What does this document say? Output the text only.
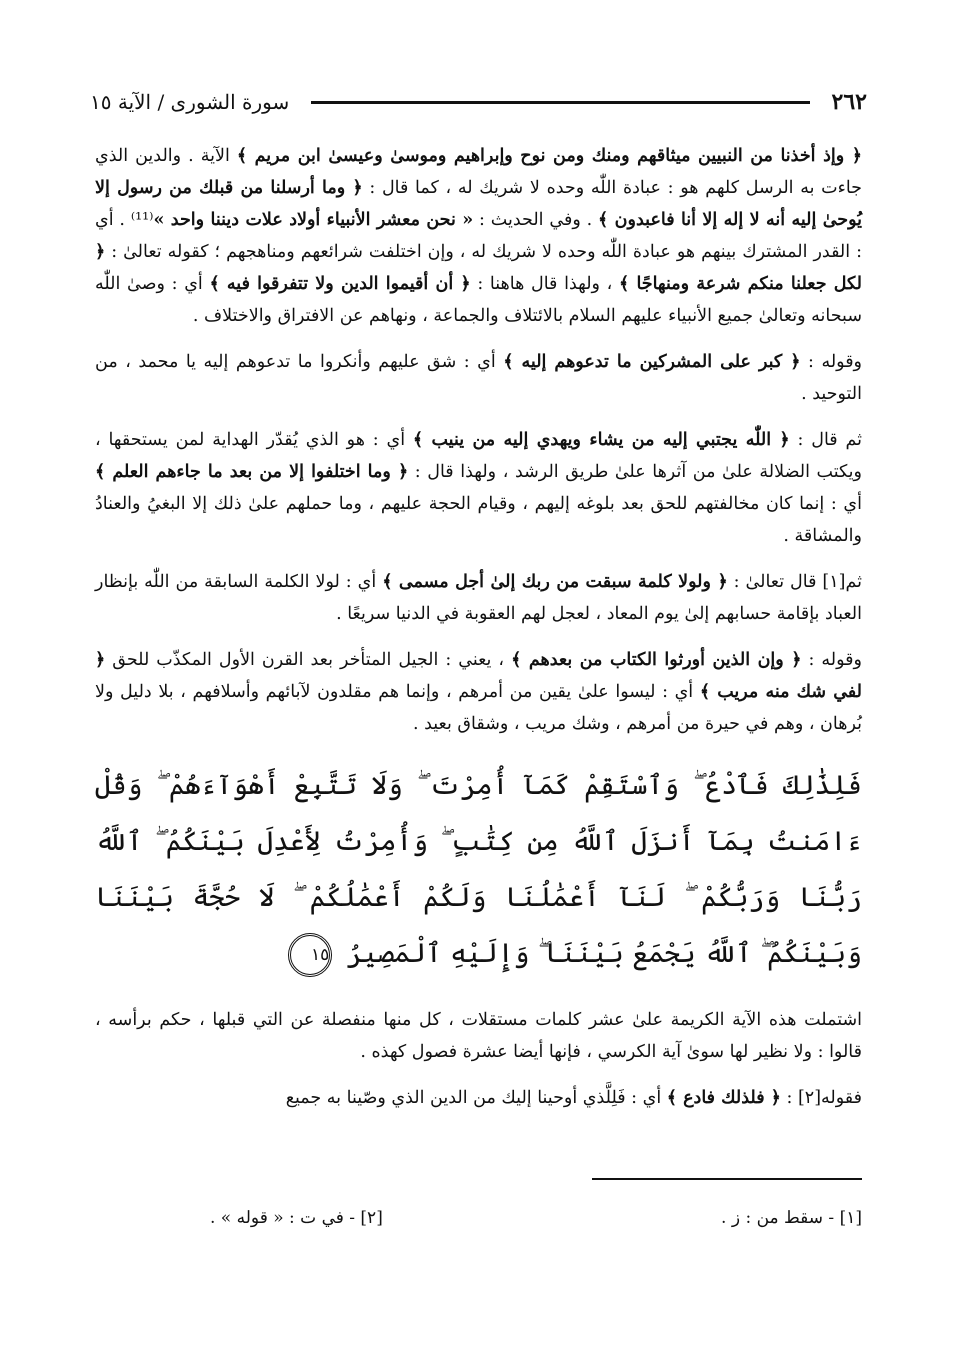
٢٦٢
سورة الشورى / الآية ١٥

﴿ وإذ أخذنا من النبيين ميثاقهم ومنك ومن نوح وإبراهيم وموسىٰ وعيسىٰ ابن مريم ﴾ الآية . والدين الذي جاءت به الرسل كلهم هو : عبادة اللّٰه وحده لا شريك له ، كما قال : ﴿ وما أرسلنا من قبلك من رسول إلا يُوحىٰ إليه أنه لا إله إلا أنا فاعبدون ﴾ . وفي الحديث : « نحن معشر الأنبياء أولاد علات ديننا واحد »⁽¹¹⁾ . أي : القدر المشترك بينهم هو عبادة اللّٰه وحده لا شريك له ، وإن اختلفت شرائعهم ومناهجهم ؛ كقوله تعالىٰ : ﴿ لكل جعلنا منكم شرعة ومنهاجًا ﴾ ، ولهذا قال هاهنا : ﴿ أن أقيموا الدين ولا تتفرقوا فيه ﴾ أي : وصىٰ اللّٰه سبحانه وتعالىٰ جميع الأنبياء عليهم السلام بالائتلاف والجماعة ، ونهاهم عن الافتراق والاختلاف .

وقوله : ﴿ كبر على المشركين ما تدعوهم إليه ﴾ أي : شق عليهم وأنكروا ما تدعوهم إليه يا محمد ، من التوحيد .

ثم قال : ﴿ اللّٰه يجتبي إليه من يشاء ويهدي إليه من ينيب ﴾ أي : هو الذي يُقدّر الهداية لمن يستحقها ، ويكتب الضلالة علىٰ من آثرها علىٰ طريق الرشد ، ولهذا قال : ﴿ وما اختلفوا إلا من بعد ما جاءهم العلم ﴾ أي : إنما كان مخالفتهم للحق بعد بلوغه إليهم ، وقيام الحجة عليهم ، وما حملهم علىٰ ذلك إلا البغيُ والعنادُ والمشاقة .

ثم[١] قال تعالىٰ : ﴿ ولولا كلمة سبقت من ربك إلىٰ أجل مسمى ﴾ أي : لولا الكلمة السابقة من اللّٰه بإنظار العباد بإقامة حسابهم إلىٰ يوم المعاد ، لعجل لهم العقوبة في الدنيا سريعًا .

وقوله : ﴿ وإن الذين أورثوا الكتاب من بعدهم ﴾ ، يعني : الجيل المتأخر بعد القرن الأول المكذّب للحق ﴿ لفي شك منه مريب ﴾ أي : ليسوا علىٰ يقين من أمرهم ، وإنما هم مقلدون لآبائهم وأسلافهم ، بلا دليل ولا بُرهان ، وهم في حيرة من أمرهم ، وشك مريب ، وشقاق بعيد .

فَلِذَٰلِكَ فَٱدْعُ ۖ وَٱسْتَقِمْ كَمَآ أُمِرْتَ ۖ وَلَا تَتَّبِعْ أَهْوَآءَهُمْ ۖ وَقُلْ ءَامَنتُ بِمَآ أَنزَلَ ٱللَّهُ مِن كِتَٰبٍ ۖ وَأُمِرْتُ لِأَعْدِلَ بَيْنَكُمُ ۖ ٱللَّهُ رَبُّنَا وَرَبُّكُمْ ۖ لَنَآ أَعْمَٰلُنَا وَلَكُمْ أَعْمَٰلُكُمْ ۖ لَا حُجَّةَ بَيْنَنَا وَبَيْنَكُمُ ۖ ٱللَّهُ يَجْمَعُ بَيْنَنَا ۖ وَإِلَيْهِ ٱلْمَصِيرُ ١٥

اشتملت هذه الآية الكريمة علىٰ عشر كلمات مستقلات ، كل منها منفصلة عن التي قبلها ، حكم برأسه ، قالوا : ولا نظير لها سوىٰ آية الكرسي ، فإنها أيضا عشرة فصول كهذه .

فقوله[٢] : ﴿ فلذلك فادع ﴾ أي : فَلِلَّذي أوحينا إليك من الدين الذي وصّينا به جميع

[١] - سقط من : ز .
[٢] - في ت : « قوله » .
